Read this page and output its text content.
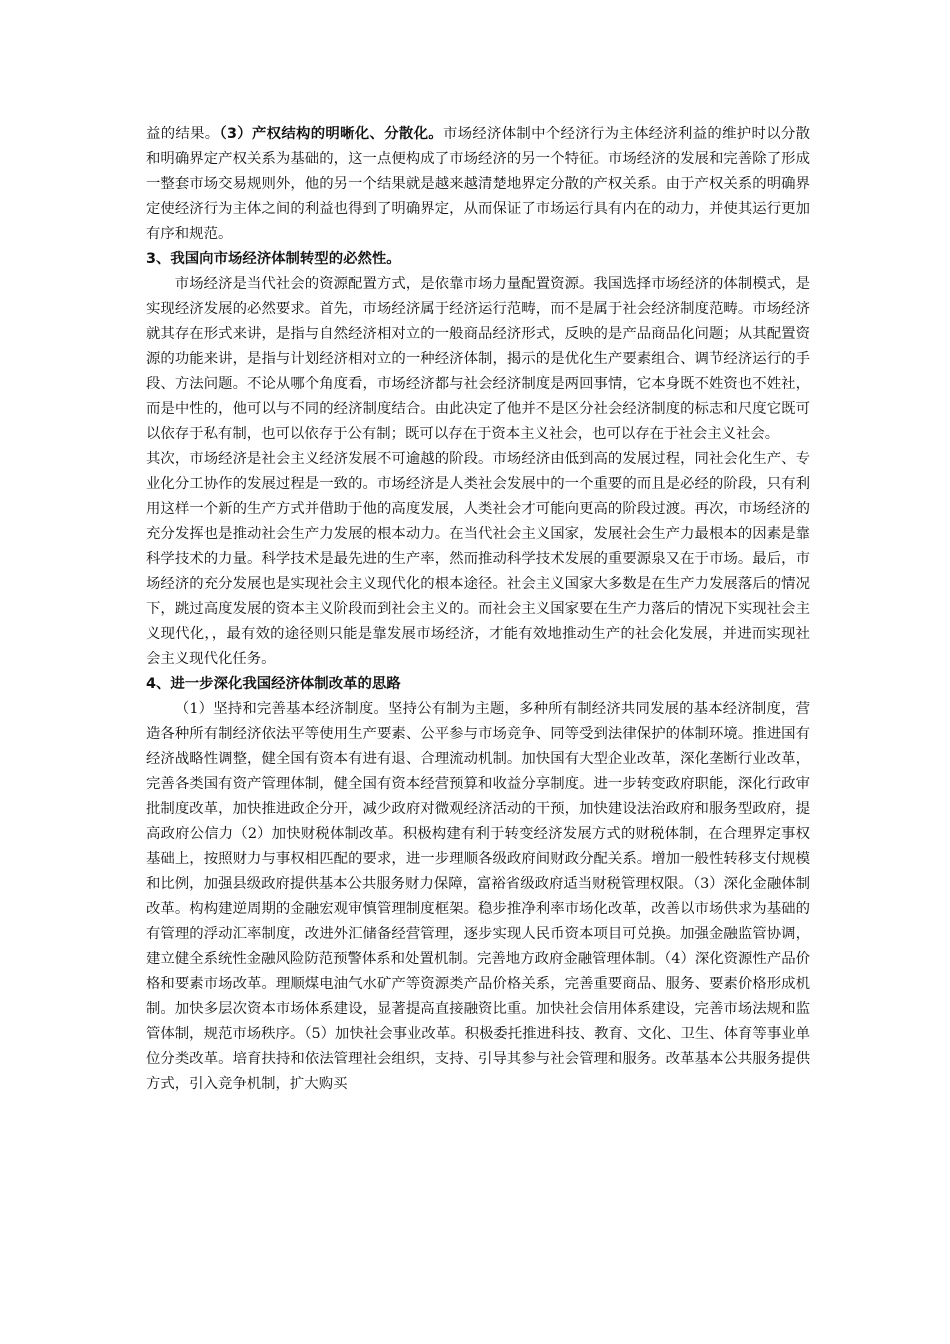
益的结果。（3）产权结构的明晰化、分散化。市场经济体制中个经济行为主体经济利益的维护时以分散和明确界定产权关系为基础的，这一点便构成了市场经济的另一个特征。市场经济的发展和完善除了形成一整套市场交易规则外，他的另一个结果就是越来越清楚地界定分散的产权关系。由于产权关系的明确界定使经济行为主体之间的利益也得到了明确界定，从而保证了市场运行具有内在的动力，并使其运行更加有序和规范。

3、我国向市场经济体制转型的必然性。

市场经济是当代社会的资源配置方式，是依靠市场力量配置资源。我国选择市场经济的体制模式，是实现经济发展的必然要求。首先，市场经济属于经济运行范畴，而不是属于社会经济制度范畴。市场经济就其存在形式来讲，是指与自然经济相对立的一般商品经济形式，反映的是产品商品化问题；从其配置资源的功能来讲，是指与计划经济相对立的一种经济体制，揭示的是优化生产要素组合、调节经济运行的手段、方法问题。不论从哪个角度看，市场经济都与社会经济制度是两回事情，它本身既不姓资也不姓社，而是中性的，他可以与不同的经济制度结合。由此决定了他并不是区分社会经济制度的标志和尺度它既可以依存于私有制，也可以依存于公有制；既可以存在于资本主义社会，也可以存在于社会主义社会。

其次，市场经济是社会主义经济发展不可逾越的阶段。市场经济由低到高的发展过程，同社会化生产、专业化分工协作的发展过程是一致的。市场经济是人类社会发展中的一个重要的而且是必经的阶段，只有利用这样一个新的生产方式并借助于他的高度发展，人类社会才可能向更高的阶段过渡。再次，市场经济的充分发挥也是推动社会生产力发展的根本动力。在当代社会主义国家，发展社会生产力最根本的因素是靠科学技术的力量。科学技术是最先进的生产率，然而推动科学技术发展的重要源泉又在于市场。最后，市场经济的充分发展也是实现社会主义现代化的根本途径。社会主义国家大多数是在生产力发展落后的情况下，跳过高度发展的资本主义阶段而到社会主义的。而社会主义国家要在生产力落后的情况下实现社会主义现代化，，最有效的途径则只能是靠发展市场经济，才能有效地推动生产的社会化发展，并进而实现社会主义现代化任务。

4、进一步深化我国经济体制改革的思路

（1）坚持和完善基本经济制度。坚持公有制为主题，多种所有制经济共同发展的基本经济制度，营造各种所有制经济依法平等使用生产要素、公平参与市场竞争、同等受到法律保护的体制环境。推进国有经济战略性调整，健全国有资本有进有退、合理流动机制。加快国有大型企业改革，深化垄断行业改革，完善各类国有资产管理体制，健全国有资本经营预算和收益分享制度。进一步转变政府职能，深化行政审批制度改革，加快推进政企分开，减少政府对微观经济活动的干预，加快建设法治政府和服务型政府，提高政府公信力（2）加快财税体制改革。积极构建有利于转变经济发展方式的财税体制，在合理界定事权基础上，按照财力与事权相匹配的要求，进一步理顺各级政府间财政分配关系。增加一般性转移支付规模和比例，加强县级政府提供基本公共服务财力保障，富裕省级政府适当财税管理权限。（3）深化金融体制改革。构构建逆周期的金融宏观审慎管理制度框架。稳步推净利率市场化改革，改善以市场供求为基础的有管理的浮动汇率制度，改进外汇储备经营管理，逐步实现人民币资本项目可兑换。加强金融监管协调，建立健全系统性金融风险防范预警体系和处置机制。完善地方政府金融管理体制。（4）深化资源性产品价格和要素市场改革。理顺煤电油气水矿产等资源类产品价格关系，完善重要商品、服务、要素价格形成机制。加快多层次资本市场体系建设，显著提高直接融资比重。加快社会信用体系建设，完善市场法规和监管体制，规范市场秩序。（5）加快社会事业改革。积极委托推进科技、教育、文化、卫生、体育等事业单位分类改革。培育扶持和依法管理社会组织，支持、引导其参与社会管理和服务。改革基本公共服务提供方式，引入竞争机制，扩大购买
